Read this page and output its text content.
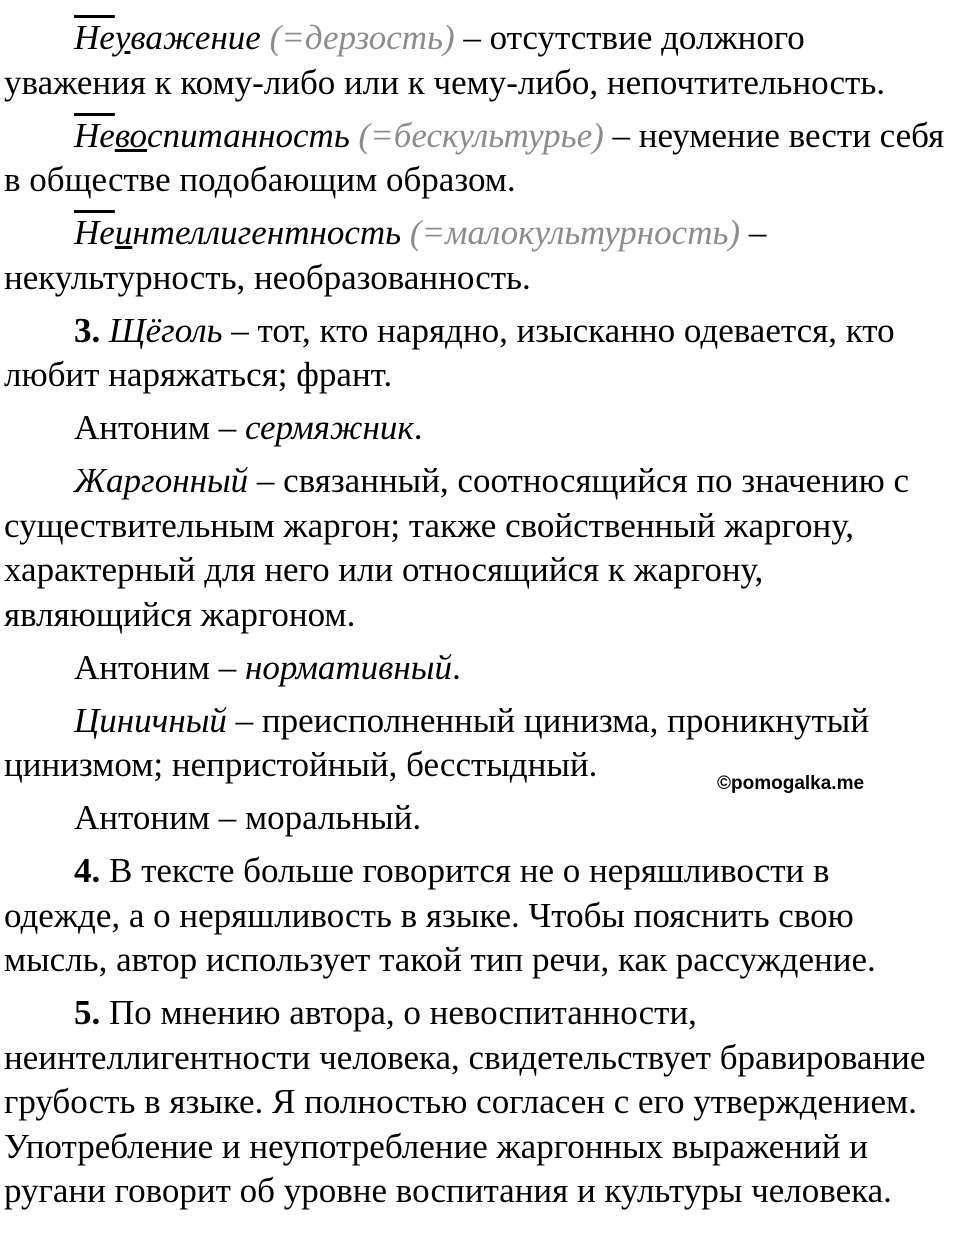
Неуважение (=дерзость) – отсутствие должного уважения к кому-либо или к чему-либо, непочтительность.

Невоспитанность (=бескультурье) – неумение вести себя в обществе подобающим образом.

Неинтеллигентность (=малокультурность) – некультурность, необразованность.

3. Щёголь – тот, кто нарядно, изысканно одевается, кто любит наряжаться; франт.

Антоним – сермяжник.

Жаргонный – связанный, соотносящийся по значению с существительным жаргон; также свойственный жаргону, характерный для него или относящийся к жаргону, являющийся жаргоном.

Антоним – нормативный.

Циничный – преисполненный цинизма, проникнутый цинизмом; непристойный, бесстыдный.

Антоним – моральный.

4. В тексте больше говорится не о неряшливости в одежде, а о неряшливость в языке. Чтобы пояснить свою мысль, автор использует такой тип речи, как рассуждение.

5. По мнению автора, о невоспитанности, неинтеллигентности человека, свидетельствует бравирование грубость в языке. Я полностью согласен с его утверждением. Употребление и неупотребление жаргонных выражений и ругани говорит об уровне воспитания и культуры человека.

©pomogalka.me
